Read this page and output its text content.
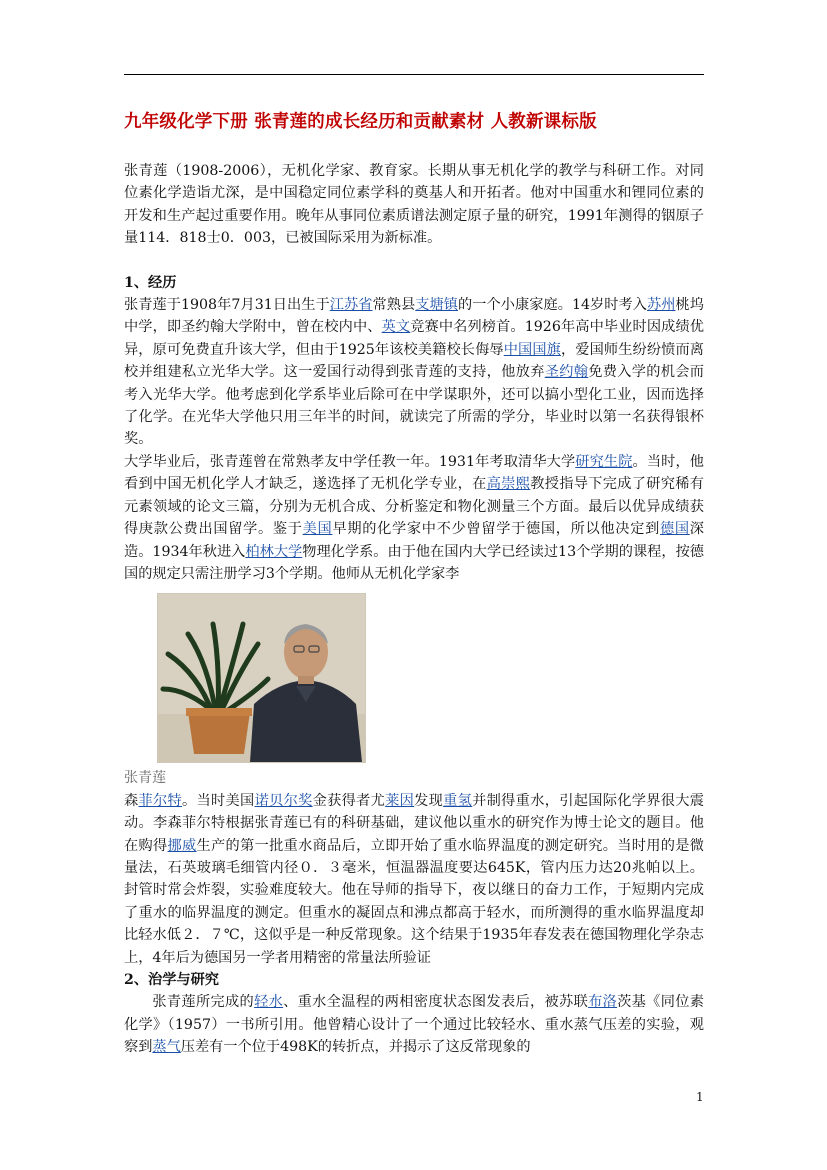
九年级化学下册 张青莲的成长经历和贡献素材 人教新课标版

张青莲（1908-2006），无机化学家、教育家。长期从事无机化学的教学与科研工作。对同位素化学造诣尤深，是中国稳定同位素学科的奠基人和开拓者。他对中国重水和锂同位素的开发和生产起过重要作用。晚年从事同位素质谱法测定原子量的研究，1991年测得的铟原子量114．818士0．003，已被国际采用为新标准。

1、经历

张青莲于1908年7月31日出生于江苏省常熟县支塘镇的一个小康家庭。14岁时考入苏州桃坞中学，即圣约翰大学附中，曾在校内中、英文竞赛中名列榜首。1926年高中毕业时因成绩优异，原可免费直升该大学，但由于1925年该校美籍校长侮辱中国国旗，爱国师生纷纷愤而离校并组建私立光华大学。这一爱国行动得到张青莲的支持，他放弃圣约翰免费入学的机会而考入光华大学。他考虑到化学系毕业后除可在中学谋职外，还可以搞小型化工业，因而选择了化学。在光华大学他只用三年半的时间，就读完了所需的学分，毕业时以第一名获得银杯奖。

大学毕业后，张青莲曾在常熟孝友中学任教一年。1931年考取清华大学研究生院。当时，他看到中国无机化学人才缺乏，遂选择了无机化学专业，在高崇熙教授指导下完成了研究稀有元素领域的论文三篇，分别为无机合成、分析鉴定和物化测量三个方面。最后以优异成绩获得庚款公费出国留学。鉴于美国早期的化学家中不少曾留学于德国，所以他决定到德国深造。1934年秋进入柏林大学物理化学系。由于他在国内大学已经读过13个学期的课程，按德国的规定只需注册学习3个学期。他师从无机化学家李

张青莲

森菲尔特。当时美国诺贝尔奖金获得者尤莱因发现重氢并制得重水，引起国际化学界很大震动。李森菲尔特根据张青莲已有的科研基础，建议他以重水的研究作为博士论文的题目。他在购得挪威生产的第一批重水商品后，立即开始了重水临界温度的测定研究。当时用的是微量法，石英玻璃毛细管内径０．３毫米，恒温器温度要达645K，管内压力达20兆帕以上。封管时常会炸裂，实验难度较大。他在导师的指导下，夜以继日的奋力工作，于短期内完成了重水的临界温度的测定。但重水的凝固点和沸点都高于轻水，而所测得的重水临界温度却比轻水低２．７℃，这似乎是一种反常现象。这个结果于1935年春发表在德国物理化学杂志上，4年后为德国另一学者用精密的常量法所验证

2、治学与研究

张青莲所完成的轻水、重水全温程的两相密度状态图发表后，被苏联布洛茨基《同位素化学》（1957）一书所引用。他曾精心设计了一个通过比较轻水、重水蒸气压差的实验，观察到蒸气压差有一个位于498K的转折点，并揭示了这反常现象的

1
